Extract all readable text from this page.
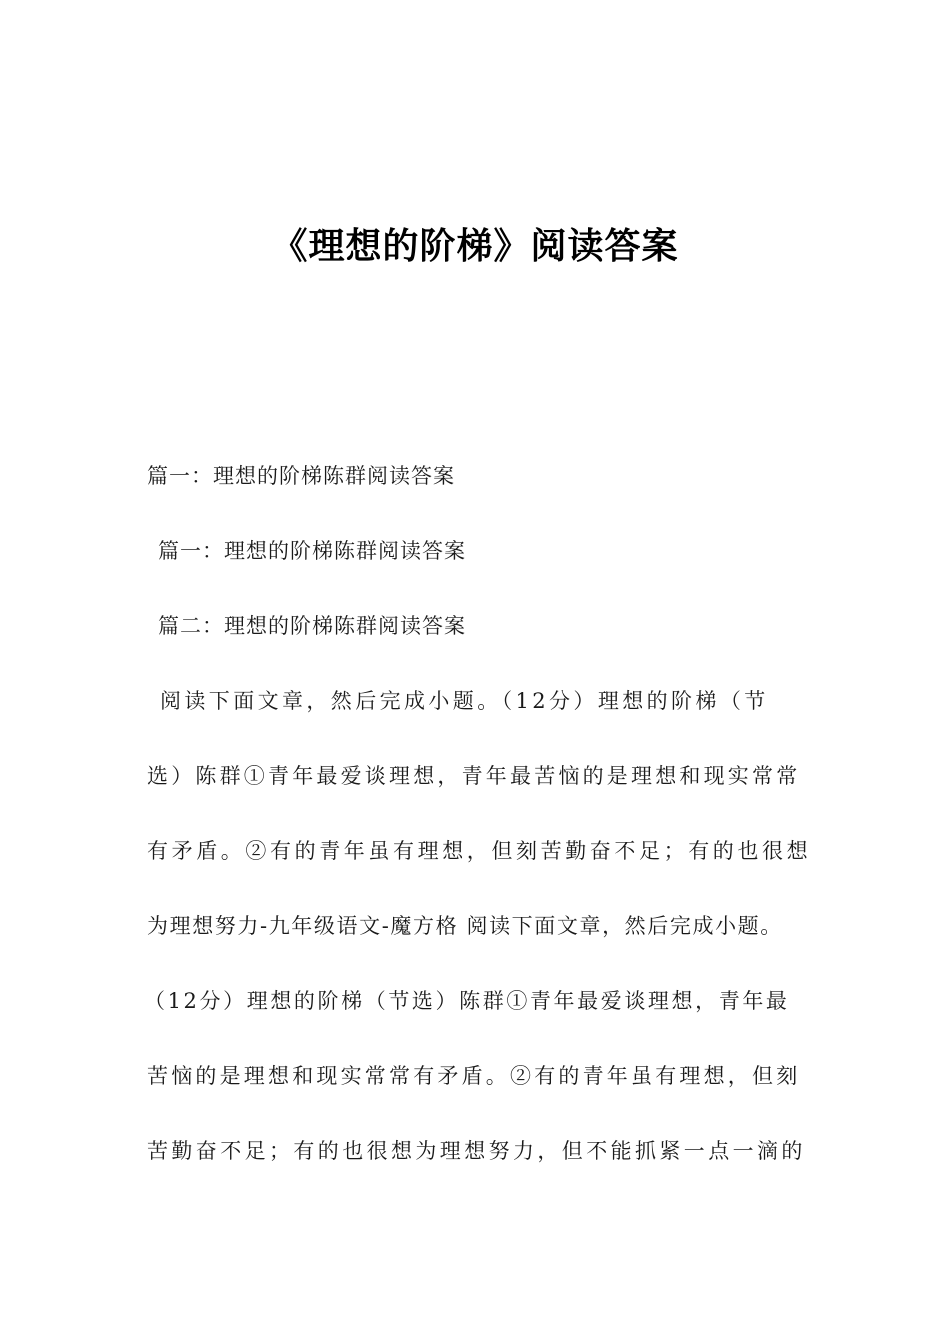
《理想的阶梯》阅读答案
篇一：理想的阶梯陈群阅读答案
篇一：理想的阶梯陈群阅读答案
篇二：理想的阶梯陈群阅读答案
阅读下面文章，然后完成小题。（12分）理想的阶梯（节
选）陈群①青年最爱谈理想，青年最苦恼的是理想和现实常常
有矛盾。②有的青年虽有理想，但刻苦勤奋不足；有的也很想
为理想努力-九年级语文-魔方格 阅读下面文章，然后完成小题。
（12分）理想的阶梯（节选）陈群①青年最爱谈理想，青年最
苦恼的是理想和现实常常有矛盾。②有的青年虽有理想，但刻
苦勤奋不足；有的也很想为理想努力，但不能抓紧一点一滴的
